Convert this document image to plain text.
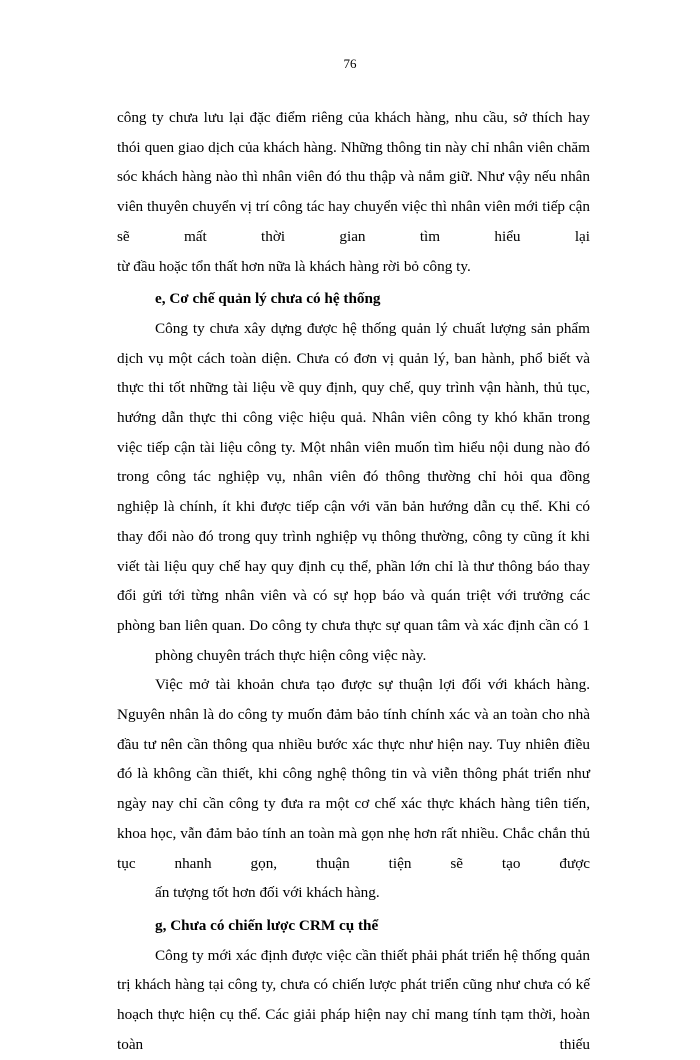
76

công ty chưa lưu lại đặc điểm riêng của khách hàng, nhu cầu, sở thích hay thói quen giao dịch của khách hàng. Những thông tin này chỉ nhân viên chăm sóc khách hàng nào thì nhân viên đó thu thập và nắm giữ. Như vậy nếu nhân viên thuyên chuyển vị trí công tác hay chuyển việc thì nhân viên mới tiếp cận sẽ mất thời gian tìm hiểu lại
từ đầu hoặc tổn thất hơn nữa là khách hàng rời bỏ công ty.

e, Cơ chế quản lý chưa có hệ thống

Công ty chưa xây dựng được hệ thống quản lý chuất lượng sản phẩm dịch vụ một cách toàn diện. Chưa có đơn vị quản lý, ban hành, phổ biết và thực thi tốt những tài liệu về quy định, quy chế, quy trình vận hành, thủ tục, hướng dẫn thực thi công việc hiệu quả. Nhân viên công ty khó khăn trong việc tiếp cận tài liệu công ty. Một nhân viên muốn tìm hiểu nội dung nào đó trong công tác nghiệp vụ, nhân viên đó thông thường chỉ hỏi qua đồng nghiệp là chính, ít khi được tiếp cận với văn bản hướng dẫn cụ thể. Khi có thay đổi nào đó trong quy trình nghiệp vụ thông thường, công ty cũng ít khi viết tài liệu quy chế hay quy định cụ thể, phần lớn chỉ là thư thông báo thay đổi gửi tới từng nhân viên và có sự họp báo và quán triệt với trưởng các phòng ban liên quan. Do công ty chưa thực sự quan tâm và xác định cần có 1
phòng chuyên trách thực hiện công việc này.

Việc mở tài khoản chưa tạo được sự thuận lợi đối với khách hàng. Nguyên nhân là do công ty muốn đảm bảo tính chính xác và an toàn cho nhà đầu tư nên cần thông qua nhiều bước xác thực như hiện nay. Tuy nhiên điều đó là không cần thiết, khi công nghệ thông tin và viễn thông phát triển như ngày nay chỉ cần công ty đưa ra một cơ chế xác thực khách hàng tiên tiến, khoa học, vẫn đảm bảo tính an toàn mà gọn nhẹ hơn rất nhiều. Chắc chắn thủ tục nhanh gọn, thuận tiện sẽ tạo được
ấn tượng tốt hơn đối với khách hàng.

g, Chưa có chiến lược CRM cụ thể

Công ty mới xác định được việc cần thiết phải phát triển hệ thống quản trị khách hàng tại công ty, chưa có chiến lược phát triển cũng như chưa có kế hoạch thực hiện cụ thể. Các giải pháp hiện nay chỉ mang tính tạm thời, hoàn toàn thiếu
